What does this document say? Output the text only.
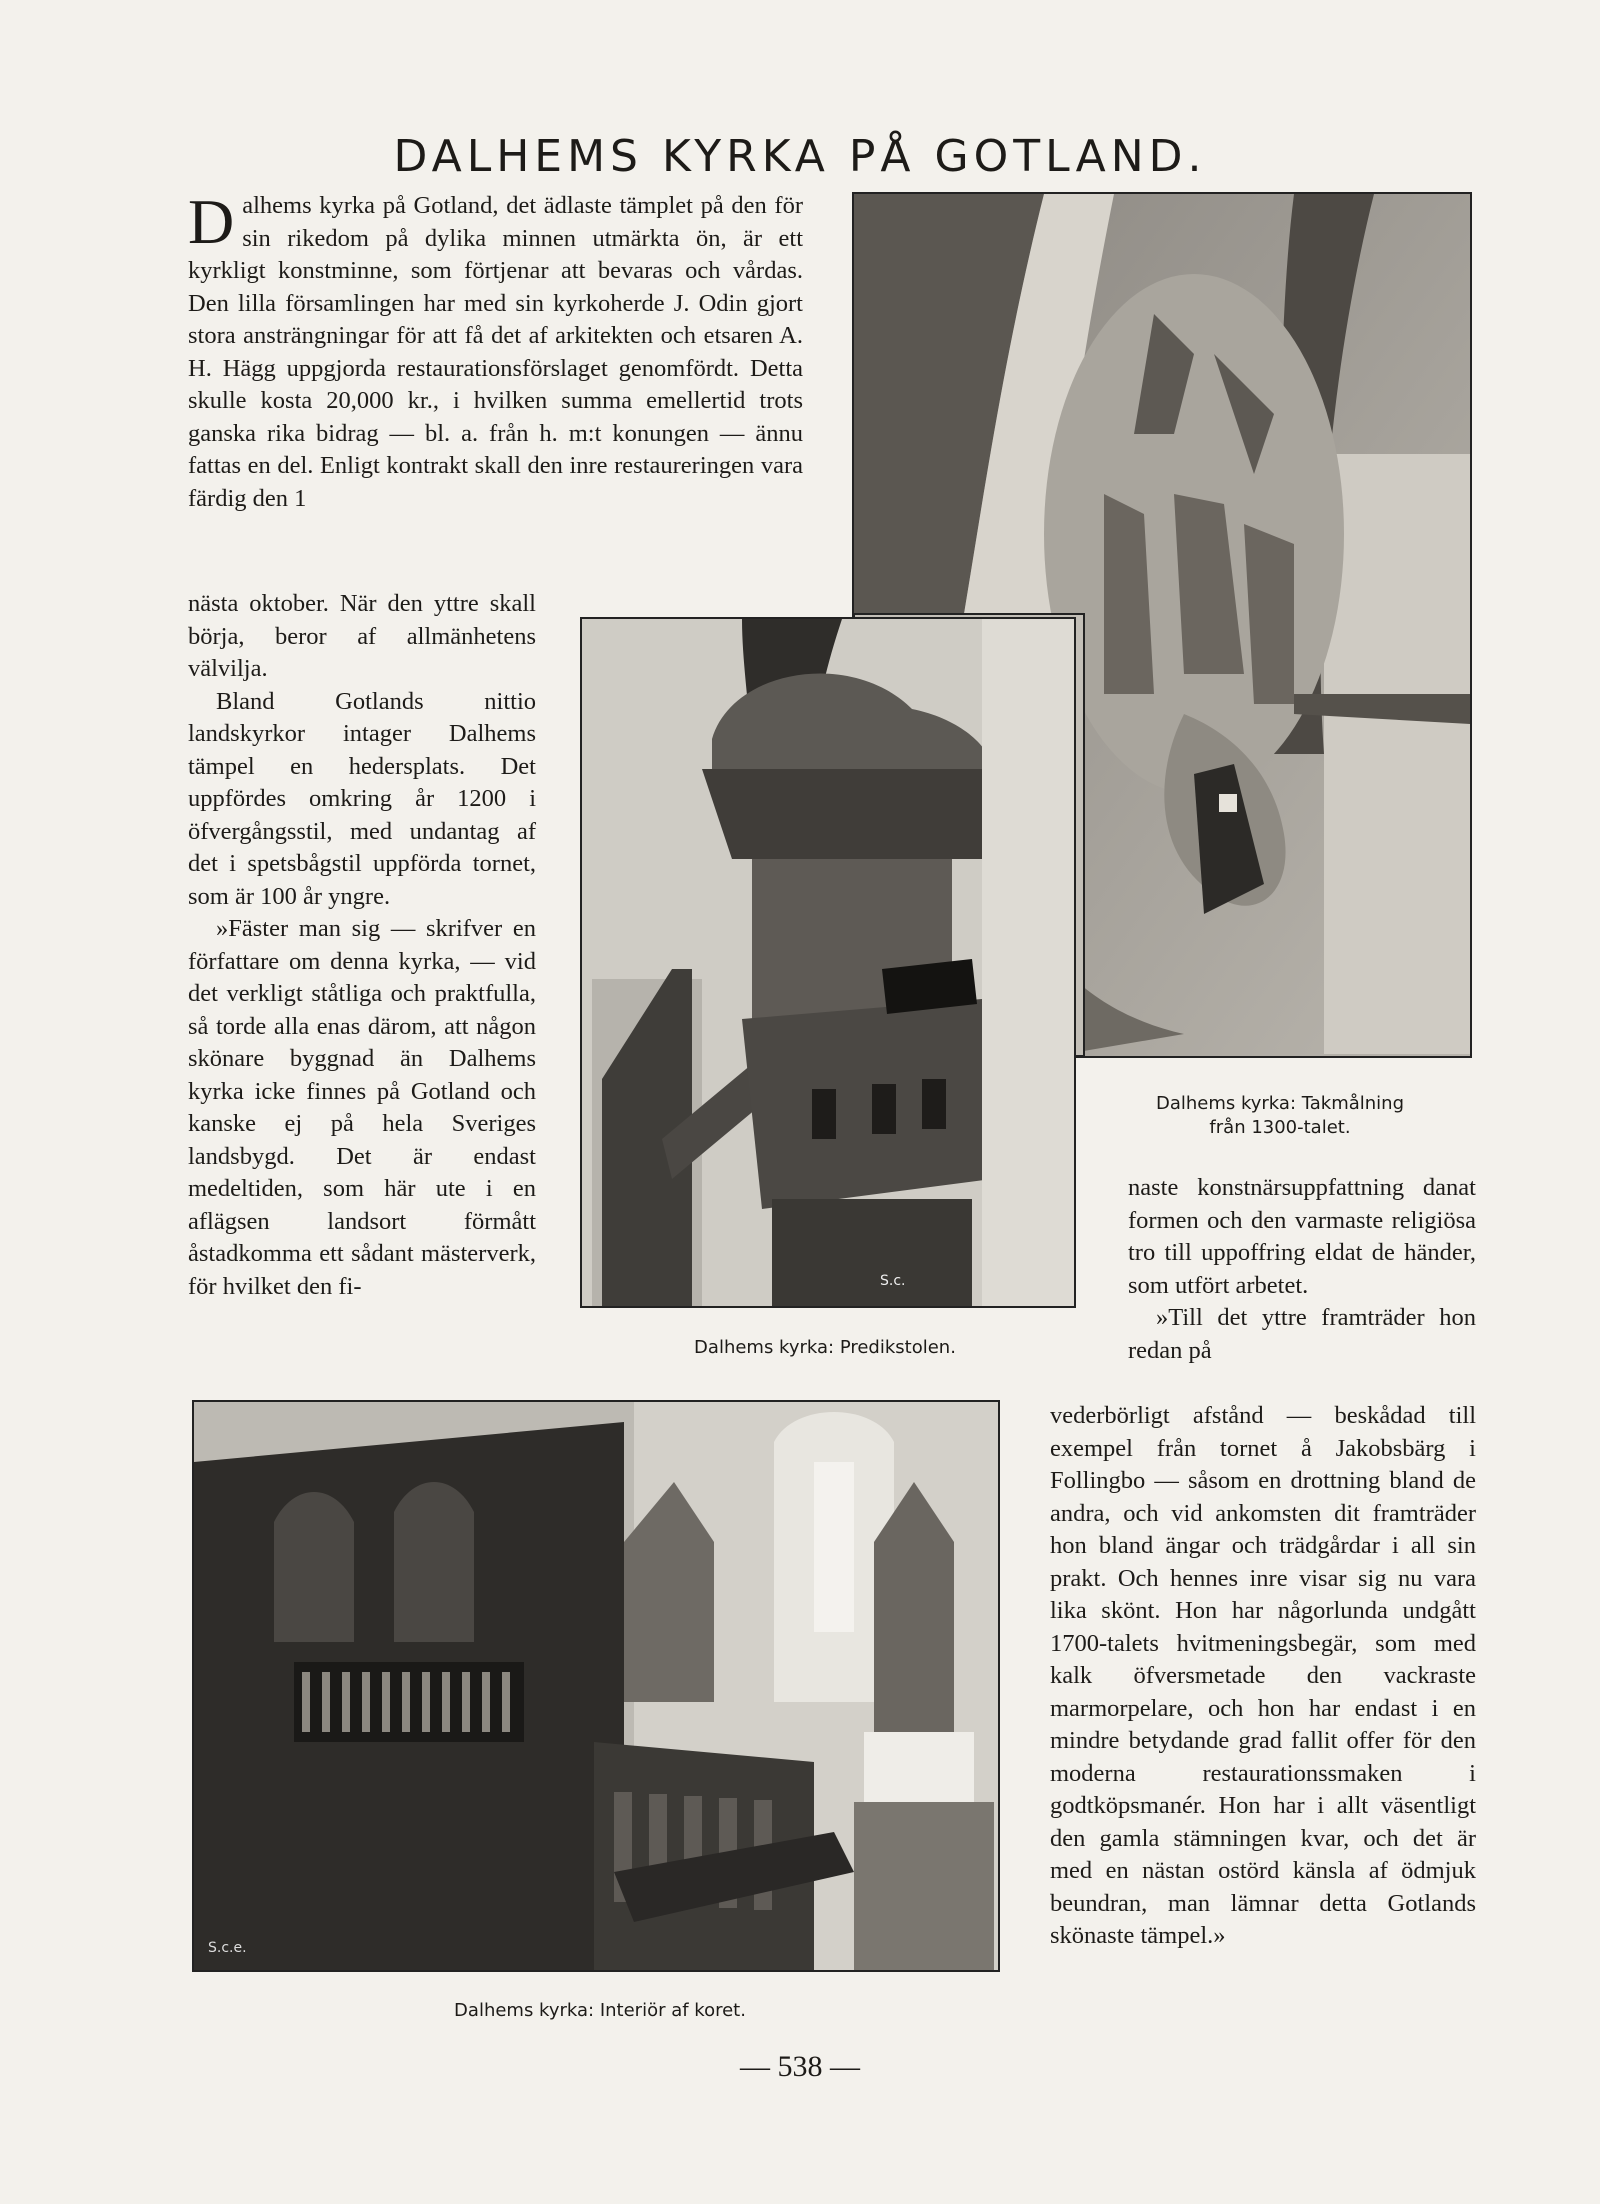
DALHEMS KYRKA PÅ GOTLAND.

Dalhems kyrka på Gotland, det ädlaste tämplet på den för sin rikedom på dylika minnen utmärkta ön, är ett kyrkligt konstminne, som förtjenar att bevaras och vårdas. Den lilla församlingen har med sin kyrkoherde J. Odin gjort stora ansträngningar för att få det af arkitekten och etsaren A. H. Hägg uppgjorda restaurationsförslaget genomfördt. Detta skulle kosta 20,000 kr., i hvilken summa emellertid trots ganska rika bidrag — bl. a. från h. m:t konungen — ännu fattas en del. Enligt kontrakt skall den inre restaureringen vara färdig den 1

nästa oktober. När den yttre skall börja, beror af allmänhetens välvilja.

Bland Gotlands nittio landskyrkor intager Dalhems tämpel en hedersplats. Det uppfördes omkring år 1200 i öfvergångsstil, med undantag af det i spetsbågstil uppförda tornet, som är 100 år yngre.

»Fäster man sig — skrifver en författare om denna kyrka, — vid det verkligt ståtliga och praktfulla, så torde alla enas därom, att någon skönare byggnad än Dalhems kyrka icke finnes på Gotland och kanske ej på hela Sveriges landsbygd. Det är endast medeltiden, som här ute i en aflägsen landsort förmått åstadkomma ett sådant mästerverk, för hvilket den fi-

naste konstnärsuppfattning danat formen och den varmaste religiösa tro till uppoffring eldat de händer, som utfört arbetet.

»Till det yttre framträder hon redan på

vederbörligt afstånd — beskådad till exempel från tornet å Jakobsbärg i Follingbo — såsom en drottning bland de andra, och vid ankomsten dit framträder hon bland ängar och trädgårdar i all sin prakt. Och hennes inre visar sig nu vara lika skönt. Hon har någorlunda undgått 1700-talets hvitmeningsbegär, som med kalk öfversmetade den vackraste marmorpelare, och hon har endast i en mindre betydande grad fallit offer för den moderna restaurationssmaken i godtköpsmanér. Hon har i allt väsentligt den gamla stämningen kvar, och det är med en nästan ostörd känsla af ödmjuk beundran, man lämnar detta Gotlands skönaste tämpel.»

S.c.
S.c.e.
Dalhems kyrka: Takmålning
från 1300-talet.
Dalhems kyrka: Predikstolen.
Dalhems kyrka: Interiör af koret.
— 538 —
